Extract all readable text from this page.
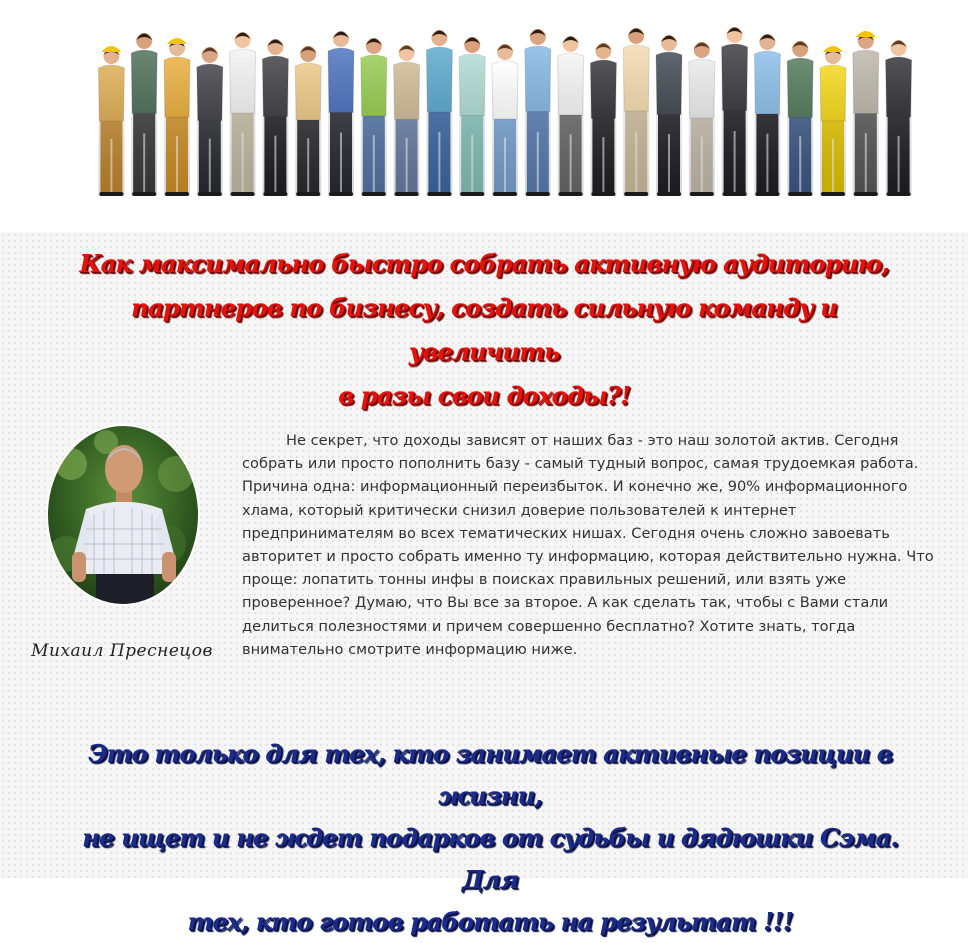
Как максимально быстро собрать активную аудиторию,
партнеров по бизнесу, создать сильную команду и увеличить
в разы свои доходы?!

Михаил Преснецов

Не секрет, что доходы зависят от наших баз - это наш золотой актив. Сегодня собрать или просто пополнить базу - самый тудный вопрос, самая трудоемкая работа. Причина одна: информационный переизбыток. И конечно же, 90% информационного хлама, который критически снизил доверие пользователей к интернет предпринимателям во всех тематических нишах. Сегодня очень сложно завоевать авторитет и просто собрать именно ту информацию, которая действительно нужна. Что проще: лопатить тонны инфы в поисках правильных решений, или взять уже проверенное? Думаю, что Вы все за второе. А как сделать так, чтобы с Вами стали делиться полезностями и причем совершенно бесплатно? Хотите знать, тогда внимательно смотрите информацию ниже.

Это только для тех, кто занимает активные позиции в жизни,
не ищет и не ждет подарков от судьбы и дядюшки Сэма. Для
тех, кто готов работать на результат !!!
